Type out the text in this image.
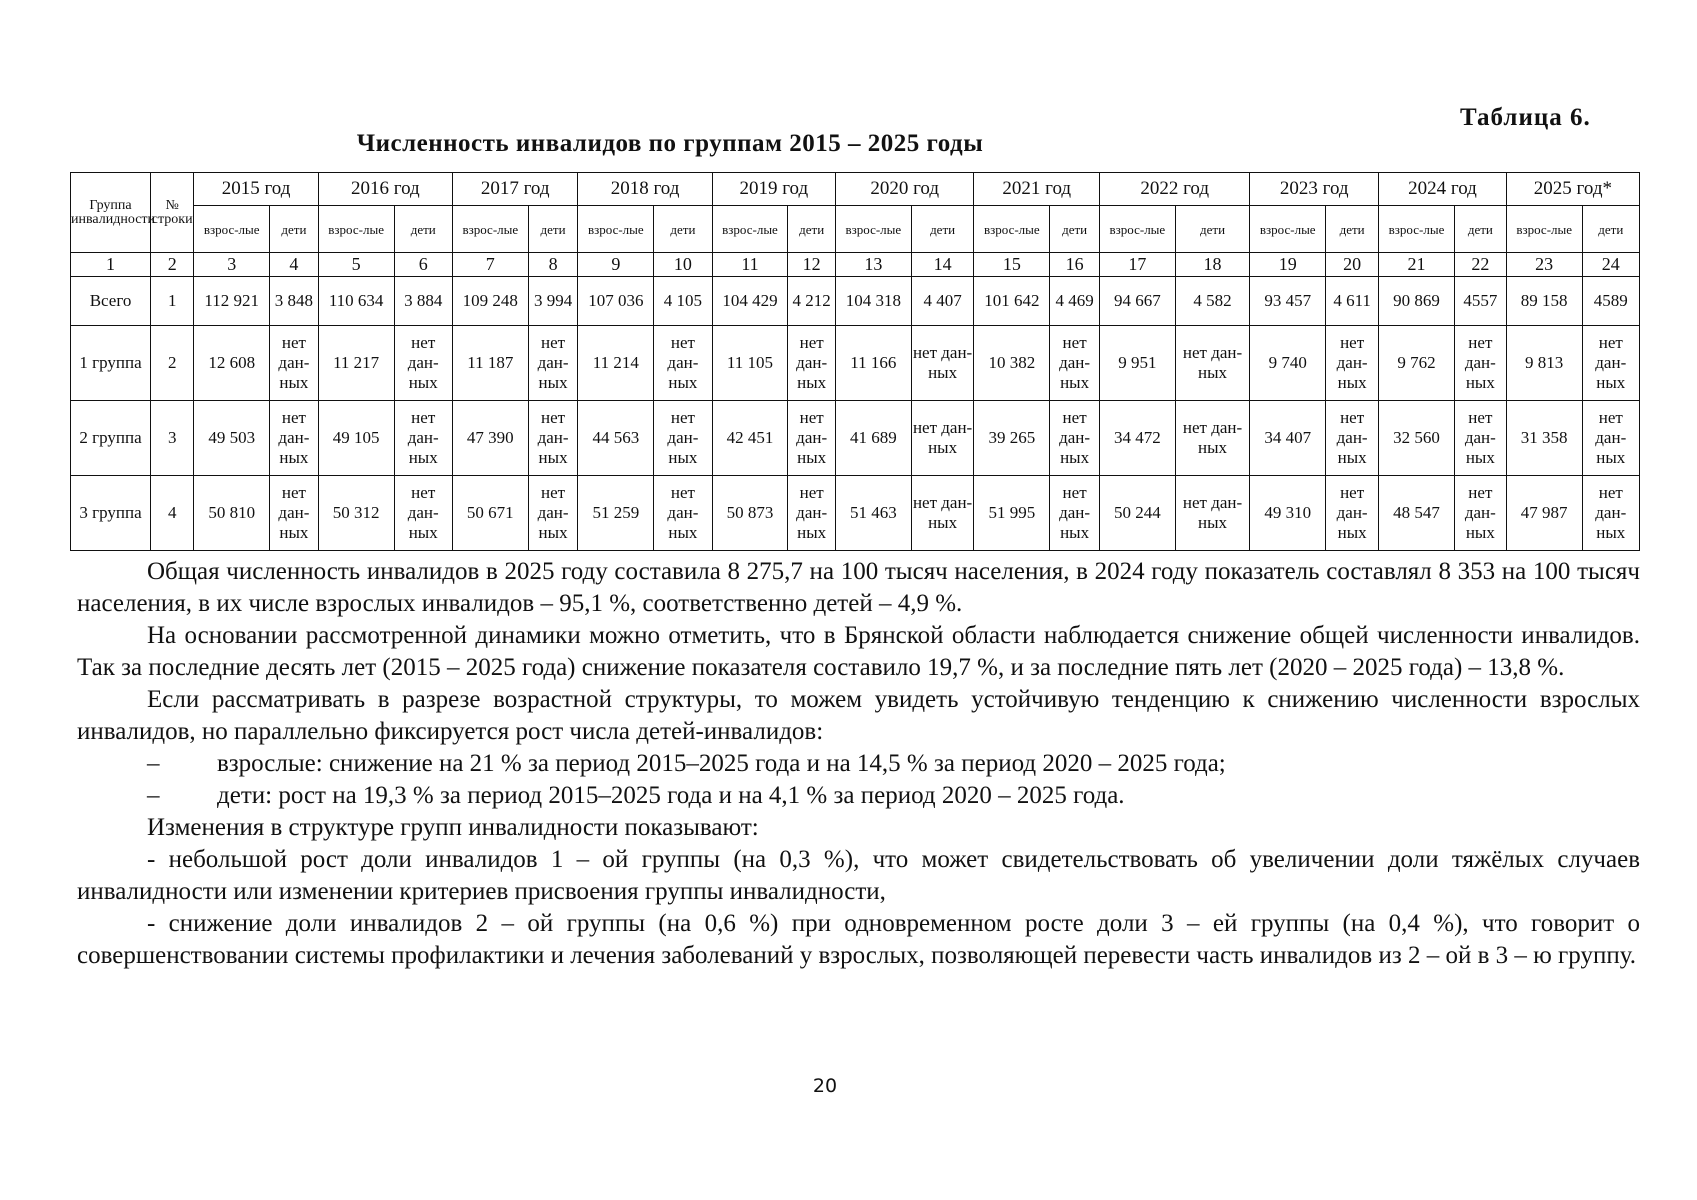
Таблица 6.
Численность инвалидов по группам 2015 – 2025 годы
Группа инвалидности	№ строки	2015 год		2016 год		2017 год		2018 год		2019 год		2020 год		2021 год		2022 год		2023 год		2024 год		2025 год*	
		взрос-лые	дети	взрос-лые	дети	взрос-лые	дети	взрос-лые	дети	взрос-лые	дети	взрос-лые	дети	взрос-лые	дети	взрос-лые	дети	взрос-лые	дети	взрос-лые	дети	взрос-лые	дети
1	2	3	4	5	6	7	8	9	10	11	12	13	14	15	16	17	18	19	20	21	22	23	24
Всего	1	112 921	3 848	110 634	3 884	109 248	3 994	107 036	4 105	104 429	4 212	104 318	4 407	101 642	4 469	94 667	4 582	93 457	4 611	90 869	4557	89 158	4589
1 группа	2	12 608	нет дан-ных	11 217	нет дан-ных	11 187	нет дан-ных	11 214	нет дан-ных	11 105	нет дан-ных	11 166	нет дан-ных	10 382	нет дан-ных	9 951	нет дан-ных	9 740	нет дан-ных	9 762	нет дан-ных	9 813	нет дан-ных
2 группа	3	49 503	нет дан-ных	49 105	нет дан-ных	47 390	нет дан-ных	44 563	нет дан-ных	42 451	нет дан-ных	41 689	нет дан-ных	39 265	нет дан-ных	34 472	нет дан-ных	34 407	нет дан-ных	32 560	нет дан-ных	31 358	нет дан-ных
3 группа	4	50 810	нет дан-ных	50 312	нет дан-ных	50 671	нет дан-ных	51 259	нет дан-ных	50 873	нет дан-ных	51 463	нет дан-ных	51 995	нет дан-ных	50 244	нет дан-ных	49 310	нет дан-ных	48 547	нет дан-ных	47 987	нет дан-ных

Общая численность инвалидов в 2025 году составила 8 275,7 на 100 тысяч населения, в 2024 году показатель составлял 8 353 на 100 тысяч населения, в их числе взрослых инвалидов – 95,1 %, соответственно детей – 4,9 %.

На основании рассмотренной динамики можно отметить, что в Брянской области наблюдается снижение общей численности инвалидов. Так за последние десять лет (2015 – 2025 года) снижение показателя составило 19,7 %, и за последние пять лет (2020 – 2025 года) – 13,8 %.

Если рассматривать в разрезе возрастной структуры, то можем увидеть устойчивую тенденцию к снижению численности взрослых инвалидов, но параллельно фиксируется рост числа детей-инвалидов:

– взрослые: снижение на 21 % за период 2015–2025 года и на 14,5 % за период 2020 – 2025 года;

– дети: рост на 19,3 % за период 2015–2025 года и на 4,1 % за период 2020 – 2025 года.

Изменения в структуре групп инвалидности показывают:

- небольшой рост доли инвалидов 1 – ой группы (на 0,3 %), что может свидетельствовать об увеличении доли тяжёлых случаев инвалидности или изменении критериев присвоения группы инвалидности,

- снижение доли инвалидов 2 – ой группы (на 0,6 %) при одновременном росте доли 3 – ей группы (на 0,4 %), что говорит о совершенствовании системы профилактики и лечения заболеваний у взрослых, позволяющей перевести часть инвалидов из 2 – ой в 3 – ю группу.

20
